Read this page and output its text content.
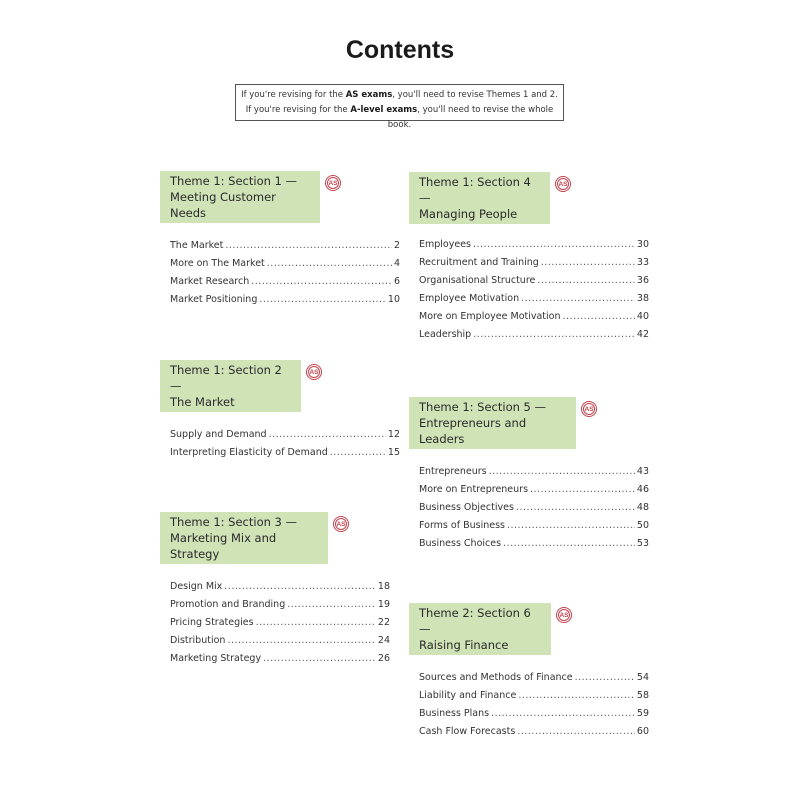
Contents
If you're revising for the AS exams, you'll need to revise Themes 1 and 2.
If you're revising for the A-level exams, you'll need to revise the whole book.
Theme 1: Section 1 —
Meeting Customer Needs
AS
The Market .....	2
More on The Market .....	4
Market Research .....	6
Market Positioning .....	10
Theme 1: Section 2 —
The Market
AS
Supply and Demand .....	12
Interpreting Elasticity of Demand .....	15
Theme 1: Section 3 —
Marketing Mix and Strategy
AS
Design Mix .....	18
Promotion and Branding .....	19
Pricing Strategies .....	22
Distribution .....	24
Marketing Strategy .....	26
Theme 1: Section 4 —
Managing People
AS
Employees .....	30
Recruitment and Training .....	33
Organisational Structure .....	36
Employee Motivation .....	38
More on Employee Motivation .....	40
Leadership .....	42
Theme 1: Section 5 —
Entrepreneurs and Leaders
AS
Entrepreneurs .....	43
More on Entrepreneurs .....	46
Business Objectives .....	48
Forms of Business .....	50
Business Choices .....	53
Theme 2: Section 6 —
Raising Finance
AS
Sources and Methods of Finance .....	54
Liability and Finance .....	58
Business Plans .....	59
Cash Flow Forecasts .....	60
